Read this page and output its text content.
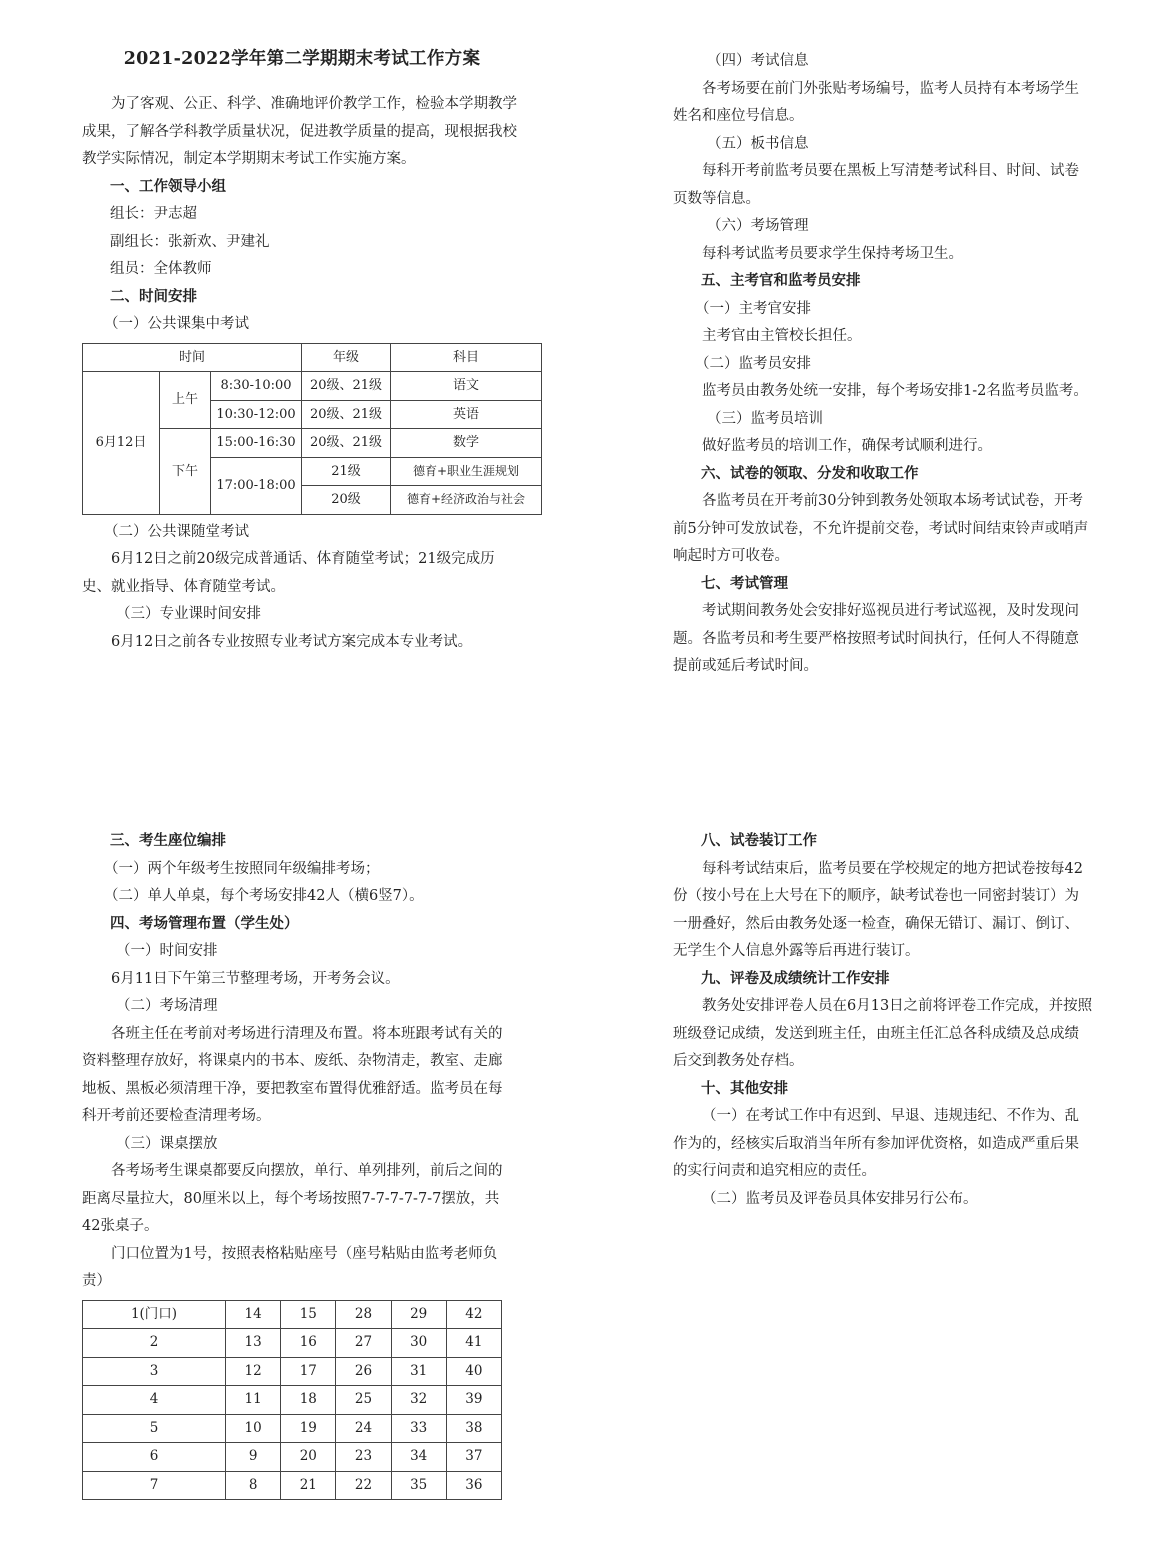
2021-2022学年第二学期期末考试工作方案

为了客观、公正、科学、准确地评价教学工作，检验本学期教学成果，了解各学科教学质量状况，促进教学质量的提高，现根据我校教学实际情况，制定本学期期末考试工作实施方案。

一、工作领导小组

组长：尹志超

副组长：张新欢、尹建礼

组员：全体教师

二、时间安排

（一）公共课集中考试

时间			年级	科目
6月12日	上午	8:30-10:00	20级、21级	语文
		10:30-12:00	20级、21级	英语
	下午	15:00-16:30	20级、21级	数学
		17:00-18:00	21级	德育+职业生涯规划
			20级	德育+经济政治与社会

（二）公共课随堂考试

6月12日之前20级完成普通话、体育随堂考试；21级完成历史、就业指导、体育随堂考试。

（三）专业课时间安排

6月12日之前各专业按照专业考试方案完成本专业考试。

（四）考试信息

各考场要在前门外张贴考场编号，监考人员持有本考场学生姓名和座位号信息。

（五）板书信息

每科开考前监考员要在黑板上写清楚考试科目、时间、试卷页数等信息。

（六）考场管理

每科考试监考员要求学生保持考场卫生。

五、主考官和监考员安排

（一）主考官安排

主考官由主管校长担任。

（二）监考员安排

监考员由教务处统一安排，每个考场安排1-2名监考员监考。

（三）监考员培训

做好监考员的培训工作，确保考试顺利进行。

六、试卷的领取、分发和收取工作

各监考员在开考前30分钟到教务处领取本场考试试卷，开考前5分钟可发放试卷，不允许提前交卷，考试时间结束铃声或哨声响起时方可收卷。

七、考试管理

考试期间教务处会安排好巡视员进行考试巡视，及时发现问题。各监考员和考生要严格按照考试时间执行，任何人不得随意提前或延后考试时间。

三、考生座位编排

（一）两个年级考生按照同年级编排考场；

（二）单人单桌，每个考场安排42人（横6竖7）。

四、考场管理布置（学生处）

（一）时间安排

6月11日下午第三节整理考场，开考务会议。

（二）考场清理

各班主任在考前对考场进行清理及布置。将本班跟考试有关的资料整理存放好，将课桌内的书本、废纸、杂物清走，教室、走廊地板、黑板必须清理干净，要把教室布置得优雅舒适。监考员在每科开考前还要检查清理考场。

（三）课桌摆放

各考场考生课桌都要反向摆放，单行、单列排列，前后之间的距离尽量拉大，80厘米以上，每个考场按照7-7-7-7-7-7摆放，共42张桌子。

门口位置为1号，按照表格粘贴座号（座号粘贴由监考老师负责）

1(门口)	14	15	28	29	42
2	13	16	27	30	41
3	12	17	26	31	40
4	11	18	25	32	39
5	10	19	24	33	38
6	9	20	23	34	37
7	8	21	22	35	36

八、试卷装订工作

每科考试结束后，监考员要在学校规定的地方把试卷按每42份（按小号在上大号在下的顺序，缺考试卷也一同密封装订）为一册叠好，然后由教务处逐一检查，确保无错订、漏订、倒订、无学生个人信息外露等后再进行装订。

九、评卷及成绩统计工作安排

教务处安排评卷人员在6月13日之前将评卷工作完成，并按照班级登记成绩，发送到班主任，由班主任汇总各科成绩及总成绩后交到教务处存档。

十、其他安排

（一）在考试工作中有迟到、早退、违规违纪、不作为、乱作为的，经核实后取消当年所有参加评优资格，如造成严重后果的实行问责和追究相应的责任。

（二）监考员及评卷员具体安排另行公布。
